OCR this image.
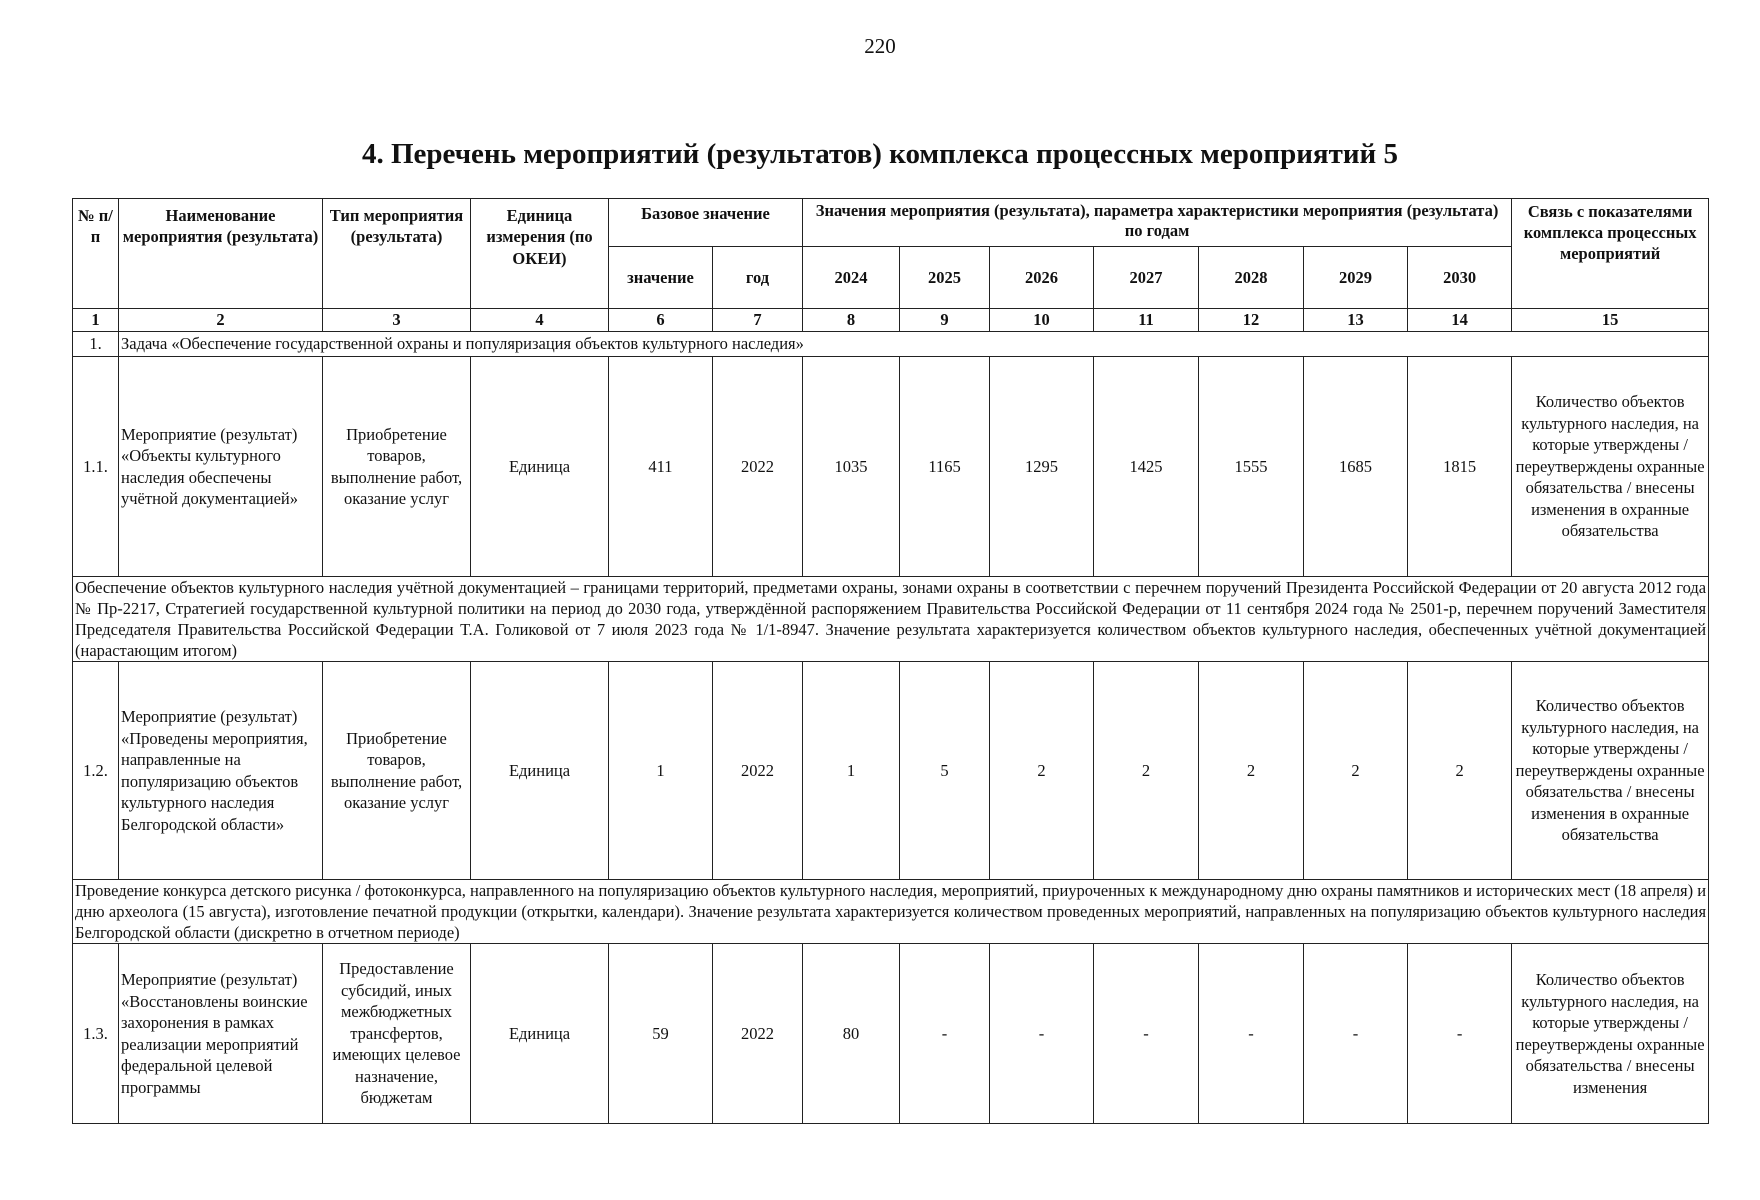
220
4. Перечень мероприятий (результатов) комплекса процессных мероприятий 5
№ п/п	Наименование мероприятия (результата)	Тип мероприятия (результата)	Единица измерения (по ОКЕИ)	Базовое значение		Значения мероприятия (результата), параметра характеристики мероприятия (результата) по годам							Связь с показателями комплекса процессных мероприятий
				значение	год	2024	2025	2026	2027	2028	2029	2030	
1	2	3	4	6	7	8	9	10	11	12	13	14	15
1.	Задача «Обеспечение государственной охраны и популяризация объектов культурного наследия»												
1.1.	Мероприятие (результат) «Объекты культурного наследия обеспечены учётной документацией»	Приобретение товаров, выполнение работ, оказание услуг	Единица	411	2022	1035	1165	1295	1425	1555	1685	1815	Количество объектов культурного наследия, на которые утверждены / переутверждены охранные обязательства / внесены изменения в охранные обязательства
Обеспечение объектов культурного наследия учётной документацией – границами территорий, предметами охраны, зонами охраны в соответствии с перечнем поручений Президента Российской Федерации от 20 августа 2012 года № Пр-2217, Стратегией государственной культурной политики на период до 2030 года, утверждённой распоряжением Правительства Российской Федерации от 11 сентября 2024 года № 2501-р, перечнем поручений Заместителя Председателя Правительства Российской Федерации Т.А. Голиковой от 7 июля 2023 года № 1/1-8947. Значение результата характеризуется количеством объектов культурного наследия, обеспеченных учётной документацией (нарастающим итогом)													
1.2.	Мероприятие (результат) «Проведены мероприятия, направленные на популяризацию объектов культурного наследия Белгородской области»	Приобретение товаров, выполнение работ, оказание услуг	Единица	1	2022	1	5	2	2	2	2	2	Количество объектов культурного наследия, на которые утверждены / переутверждены охранные обязательства / внесены изменения в охранные обязательства
Проведение конкурса детского рисунка / фотоконкурса, направленного на популяризацию объектов культурного наследия, мероприятий, приуроченных к международному дню охраны памятников и исторических мест (18 апреля) и дню археолога (15 августа), изготовление печатной продукции (открытки, календари). Значение результата характеризуется количеством проведенных мероприятий, направленных на популяризацию объектов культурного наследия Белгородской области (дискретно в отчетном периоде)													
1.3.	Мероприятие (результат) «Восстановлены воинские захоронения в рамках реализации мероприятий федеральной целевой программы	Предоставление субсидий, иных межбюджетных трансфертов, имеющих целевое назначение, бюджетам	Единица	59	2022	80	-	-	-	-	-	-	Количество объектов культурного наследия, на которые утверждены / переутверждены охранные обязательства / внесены изменения
